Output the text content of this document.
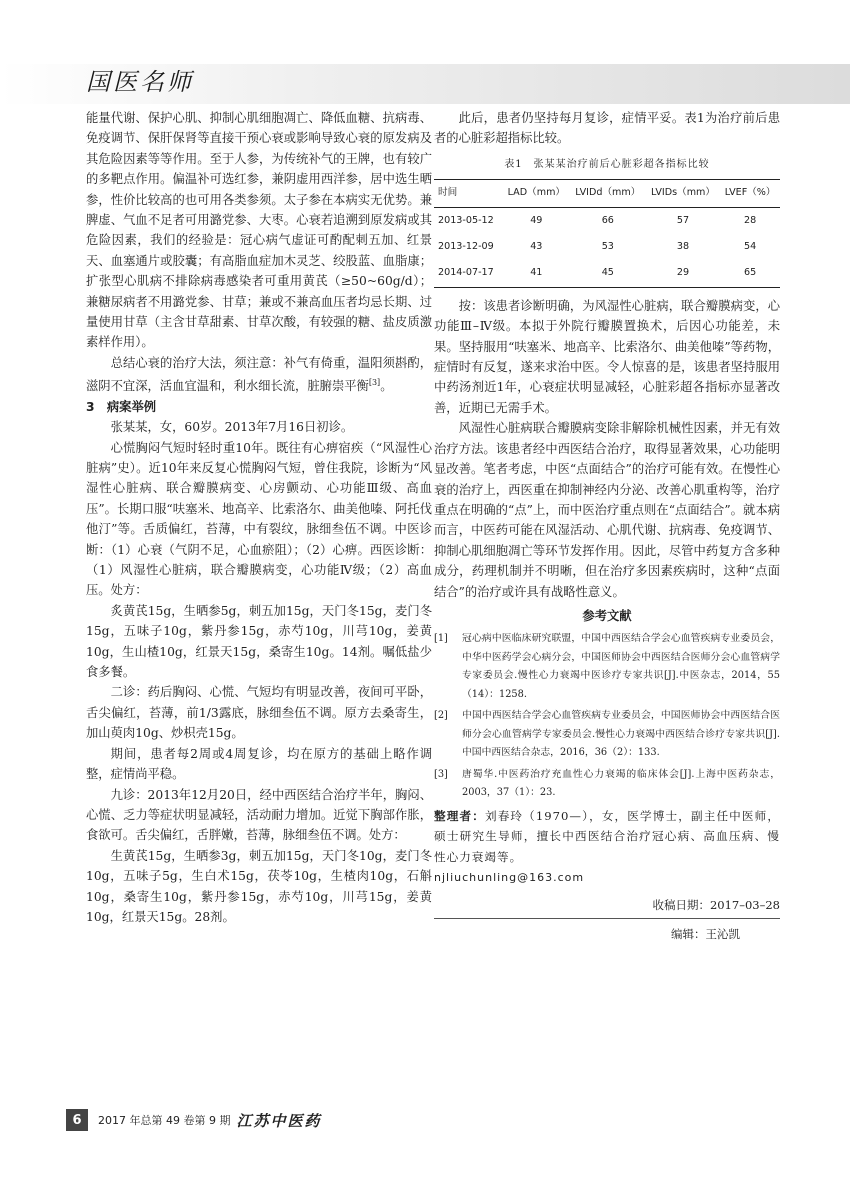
国医名师

能量代谢、保护心肌、抑制心肌细胞凋亡、降低血糖、抗病毒、免疫调节、保肝保肾等直接干预心衰或影响导致心衰的原发病及其危险因素等等作用。至于人参，为传统补气的王牌，也有较广的多靶点作用。偏温补可选红参，兼阴虚用西洋参，居中选生晒参，性价比较高的也可用各类参须。太子参在本病实无优势。兼脾虚、气血不足者可用潞党参、大枣。心衰若追溯到原发病或其危险因素，我们的经验是：冠心病气虚证可酌配刺五加、红景天、血塞通片或胶囊；有高脂血症加木灵芝、绞股蓝、血脂康；扩张型心肌病不排除病毒感染者可重用黄芪（≥50~60g/d）；兼糖尿病者不用潞党参、甘草；兼或不兼高血压者均忌长期、过量使用甘草（主含甘草甜素、甘草次酸，有较强的糖、盐皮质激素样作用）。

总结心衰的治疗大法，须注意：补气有倚重，温阳须斟酌，滋阴不宜深，活血宜温和，利水细长流，脏腑崇平衡[3]。

3　病案举例

张某某，女，60岁。2013年7月16日初诊。

心慌胸闷气短时轻时重10年。既往有心痹宿疾（“风湿性心脏病”史）。近10年来反复心慌胸闷气短，曾住我院，诊断为“风湿性心脏病、联合瓣膜病变、心房颤动、心功能Ⅲ级、高血压”。长期口服“呋塞米、地高辛、比索洛尔、曲美他嗪、阿托伐他汀”等。舌质偏红，苔薄，中有裂纹，脉细叁伍不调。中医诊断：（1）心衰（气阴不足，心血瘀阻）；（2）心痹。西医诊断：（1）风湿性心脏病，联合瓣膜病变，心功能Ⅳ级；（2）高血压。处方：

炙黄芪15g，生晒参5g，刺五加15g，天门冬15g，麦门冬15g，五味子10g，紫丹参15g，赤芍10g，川芎10g，姜黄10g，生山楂10g，红景天15g，桑寄生10g。14剂。嘱低盐少食多餐。

二诊：药后胸闷、心慌、气短均有明显改善，夜间可平卧，舌尖偏红，苔薄，前1/3露底，脉细叁伍不调。原方去桑寄生，加山萸肉10g、炒枳壳15g。

期间，患者每2周或4周复诊，均在原方的基础上略作调整，症情尚平稳。

九诊：2013年12月20日，经中西医结合治疗半年，胸闷、心慌、乏力等症状明显减轻，活动耐力增加。近觉下胸部作胀，食欲可。舌尖偏红，舌胖嫩，苔薄，脉细叁伍不调。处方：

生黄芪15g，生晒参3g，刺五加15g，天门冬10g，麦门冬10g，五味子5g，生白术15g，茯苓10g，生楂肉10g，石斛10g，桑寄生10g，紫丹参15g，赤芍10g，川芎15g，姜黄10g，红景天15g。28剂。

此后，患者仍坚持每月复诊，症情平妥。表1为治疗前后患者的心脏彩超指标比较。

表1　张某某治疗前后心脏彩超各指标比较
时间	LAD（mm）	LVIDd（mm）	LVIDs（mm）	LVEF（%）
2013-05-12	49	66	57	28
2013-12-09	43	53	38	54
2014-07-17	41	45	29	65

按：该患者诊断明确，为风湿性心脏病，联合瓣膜病变，心功能Ⅲ–Ⅳ级。本拟于外院行瓣膜置换术，后因心功能差，未果。坚持服用“呋塞米、地高辛、比索洛尔、曲美他嗪”等药物，症情时有反复，遂来求治中医。令人惊喜的是，该患者坚持服用中药汤剂近1年，心衰症状明显减轻，心脏彩超各指标亦显著改善，近期已无需手术。

风湿性心脏病联合瓣膜病变除非解除机械性因素，并无有效治疗方法。该患者经中西医结合治疗，取得显著效果，心功能明显改善。笔者考虑，中医“点面结合”的治疗可能有效。在慢性心衰的治疗上，西医重在抑制神经内分泌、改善心肌重构等，治疗重点在明确的“点”上，而中医治疗重点则在“点面结合”。就本病而言，中医药可能在风湿活动、心肌代谢、抗病毒、免疫调节、抑制心肌细胞凋亡等环节发挥作用。因此，尽管中药复方含多种成分，药理机制并不明晰，但在治疗多因素疾病时，这种“点面结合”的治疗或许具有战略性意义。

参考文献
[1]	冠心病中医临床研究联盟，中国中西医结合学会心血管疾病专业委员会，中华中医药学会心病分会，中国医师协会中西医结合医师分会心血管病学专家委员会.慢性心力衰竭中医诊疗专家共识[J].中医杂志，2014，55（14）：1258.
[2]	中国中西医结合学会心血管疾病专业委员会，中国医师协会中西医结合医师分会心血管病学专家委员会.慢性心力衰竭中西医结合诊疗专家共识[J].中国中西医结合杂志，2016，36（2）：133.
[3]	唐蜀华.中医药治疗充血性心力衰竭的临床体会[J].上海中医药杂志，2003，37（1）：23.
整理者：刘春玲（1970—），女，医学博士，副主任中医师，硕士研究生导师，擅长中西医结合治疗冠心病、高血压病、慢性心力衰竭等。
njliuchunling@163.com
收稿日期：2017–03–28
编辑：王沁凯
6	2017 年总第 49 卷第 9 期 江苏中医药
